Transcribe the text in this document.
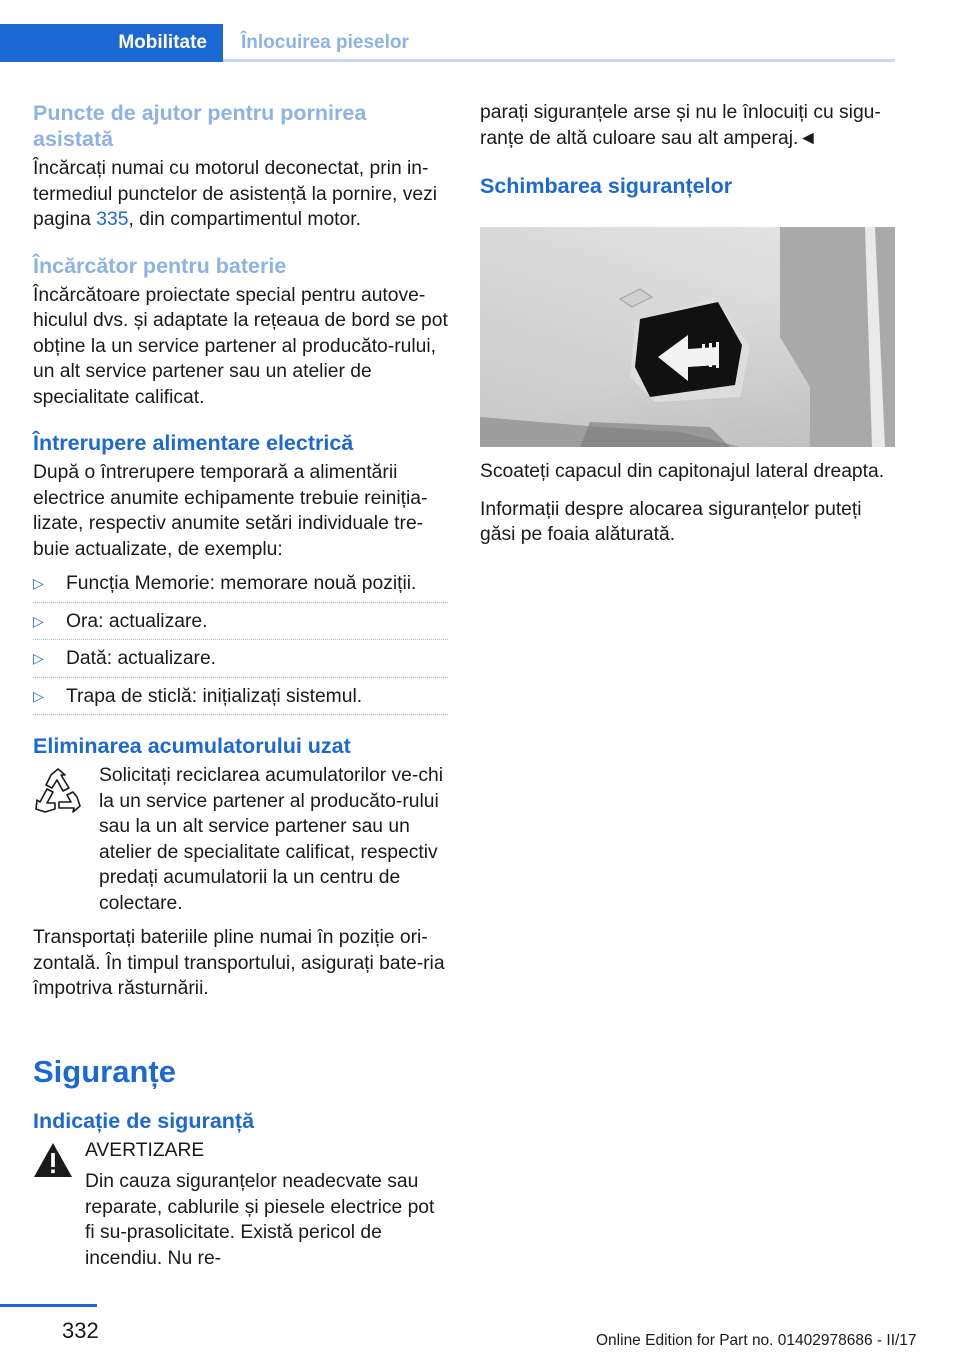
Mobilitate	Înlocuirea pieselor
Puncte de ajutor pentru pornirea asistată

Încărcați numai cu motorul deconectat, prin in-termediul punctelor de asistență la pornire, vezi pagina 335, din compartimentul motor.

Încărcător pentru baterie

Încărcătoare proiectate special pentru autove-hiculul dvs. și adaptate la rețeaua de bord se pot obține la un service partener al producăto-rului, un alt service partener sau un atelier de specialitate calificat.

Întrerupere alimentare electrică

După o întrerupere temporară a alimentării electrice anumite echipamente trebuie reiniția-lizate, respectiv anumite setări individuale tre-buie actualizate, de exemplu:

▷ Funcția Memorie: memorare nouă poziții.
▷ Ora: actualizare.
▷ Dată: actualizare.
▷ Trapa de sticlă: inițializați sistemul.
Eliminarea acumulatorului uzat

Solicitați reciclarea acumulatorilor ve-chi la un service partener al producăto-rului sau la un alt service partener sau un atelier de specialitate calificat, respectiv predați acumulatorii la un centru de colectare.

Transportați bateriile pline numai în poziție ori-zontală. În timpul transportului, asigurați bate-ria împotriva răsturnării.

Siguranțe
Indicație de siguranță
AVERTIZARE

Din cauza siguranțelor neadecvate sau reparate, cablurile și piesele electrice pot fi su-prasolicitate. Există pericol de incendiu. Nu re-

parați siguranțele arse și nu le înlocuiți cu sigu-ranțe de altă culoare sau alt amperaj.◄

Schimbarea siguranțelor

Scoateți capacul din capitonajul lateral dreapta.

Informații despre alocarea siguranțelor puteți găsi pe foaia alăturată.

332	Online Edition for Part no. 01402978686 - II/17
